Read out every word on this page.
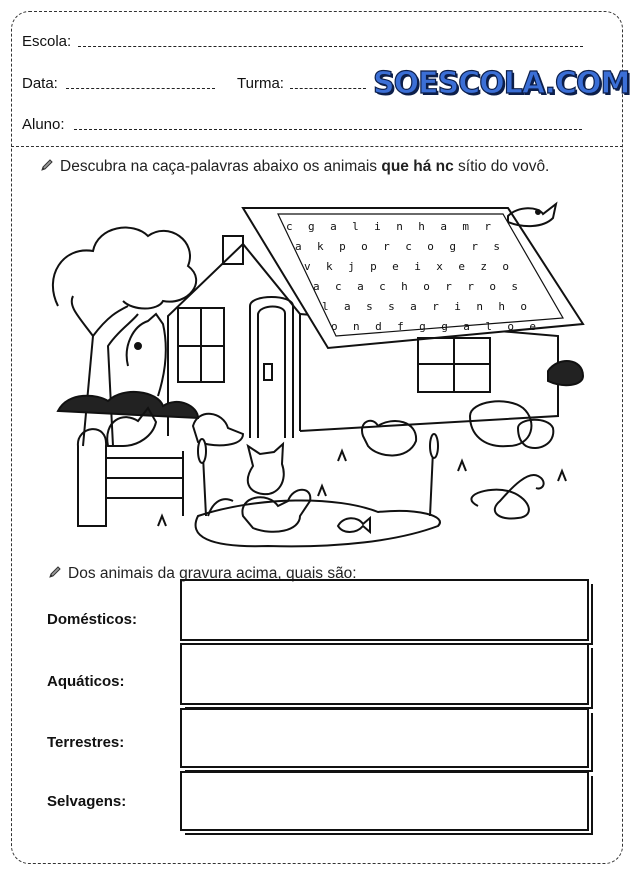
Escola:
Data:	Turma:	SOESCOLA.COM
Aluno:
Descubra na caça-palavras abaixo os animais que há nc sítio do vovô.
c g a l i n h a m r
a k p o r c o g r s
v k j p e i x e z o
a c a c h o r r o s
l a s s a r i n h o
o n d f g g a l o e
Dos animais da gravura acima, quais são:
Domésticos:
Aquáticos:
Terrestres:
Selvagens:
